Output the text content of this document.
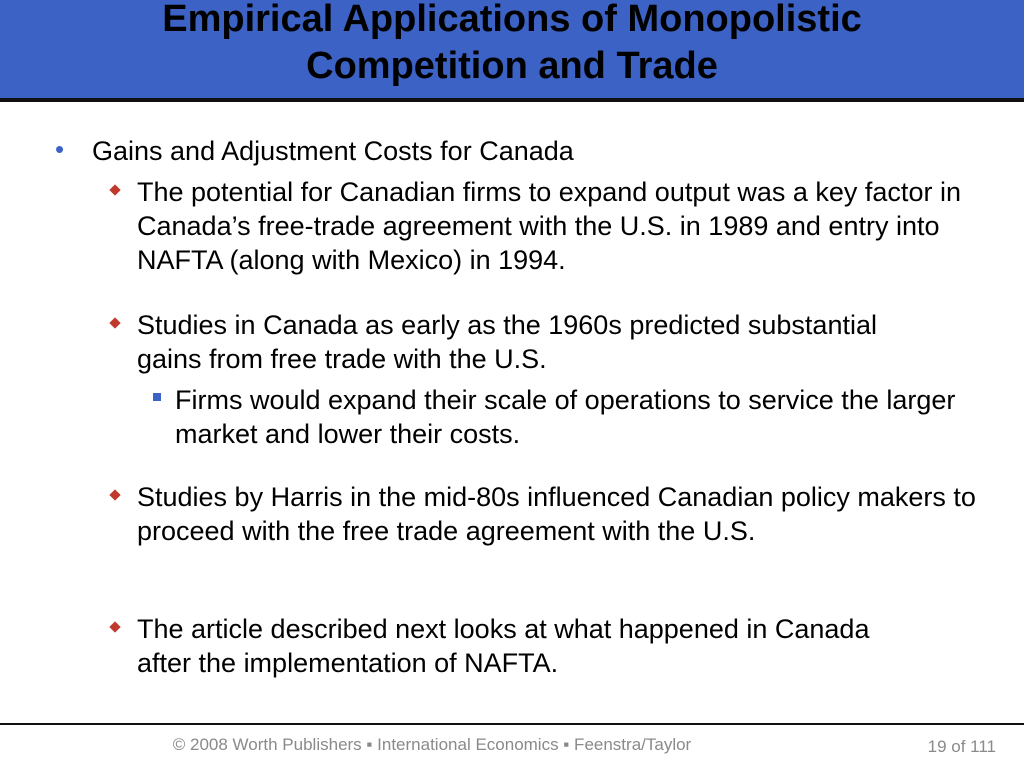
Empirical Applications of Monopolistic
Competition and Trade
• Gains and Adjustment Costs for Canada
The potential for Canadian firms to expand output was a key factor in Canada’s free-trade agreement with the U.S. in 1989 and entry into NAFTA (along with Mexico) in 1994.
Studies in Canada as early as the 1960s predicted substantial gains from free trade with the U.S.
Firms would expand their scale of operations to service the larger market and lower their costs.
Studies by Harris in the mid-80s influenced Canadian policy makers to proceed with the free trade agreement with the U.S.
The article described next looks at what happened in Canada after the implementation of NAFTA.
© 2008 Worth Publishers ▪ International Economics ▪ Feenstra/Taylor	19 of 111
